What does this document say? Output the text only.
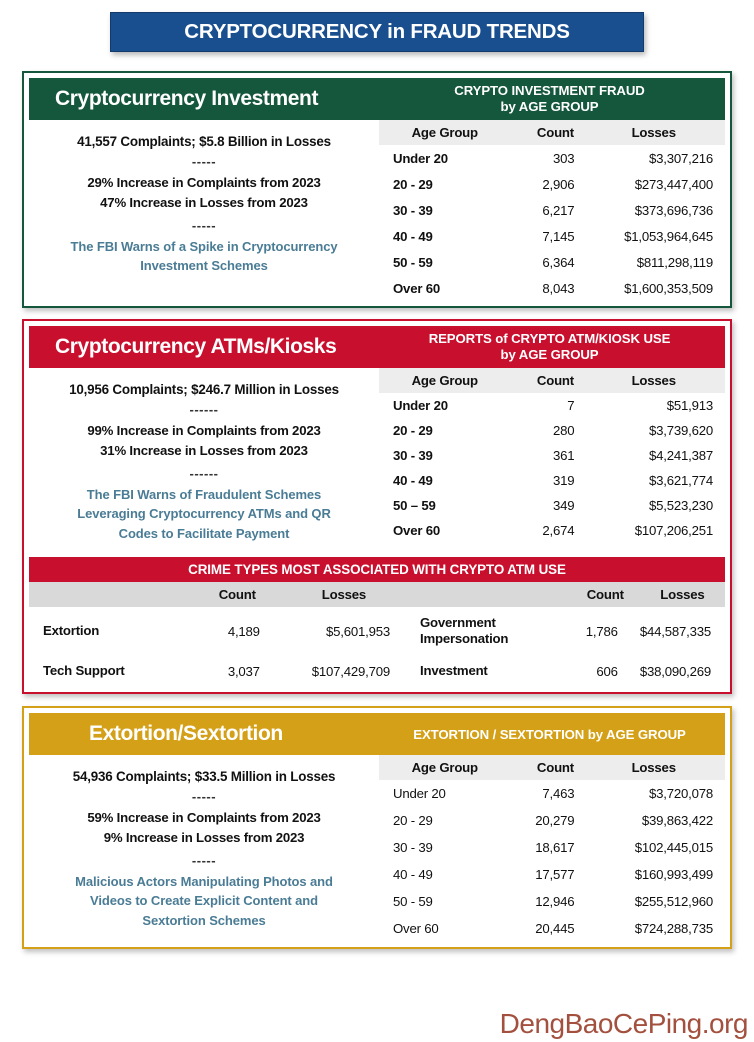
CRYPTOCURRENCY in FRAUD TRENDS
Cryptocurrency Investment	CRYPTO INVESTMENT FRAUD
by AGE GROUP
41,557 Complaints; $5.8 Billion in Losses
-----
29% Increase in Complaints from 2023
47% Increase in Losses from 2023
-----
The FBI Warns of a Spike in Cryptocurrency Investment Schemes
Age Group	Count	Losses
Under 20	303	$3,307,216
20 - 29	2,906	$273,447,400
30 - 39	6,217	$373,696,736
40 - 49	7,145	$1,053,964,645
50 - 59	6,364	$811,298,119
Over 60	8,043	$1,600,353,509
Cryptocurrency ATMs/Kiosks	REPORTS of CRYPTO ATM/KIOSK USE
by AGE GROUP
10,956 Complaints; $246.7 Million in Losses
------
99% Increase in Complaints from 2023
31% Increase in Losses from 2023
------
The FBI Warns of Fraudulent Schemes Leveraging Cryptocurrency ATMs and QR Codes to Facilitate Payment
Age Group	Count	Losses
Under 20	7	$51,913
20 - 29	280	$3,739,620
30 - 39	361	$4,241,387
40 - 49	319	$3,621,774
50 – 59	349	$5,523,230
Over 60	2,674	$107,206,251
CRIME TYPES MOST ASSOCIATED WITH CRYPTO ATM USE
	Count	Losses		Count	Losses
Extortion	4,189	$5,601,953	Government Impersonation	1,786	$44,587,335
Tech Support	3,037	$107,429,709	Investment	606	$38,090,269
Extortion/Sextortion	EXTORTION / SEXTORTION by AGE GROUP
54,936 Complaints; $33.5 Million in Losses
-----
59% Increase in Complaints from 2023
9% Increase in Losses from 2023
-----
Malicious Actors Manipulating Photos and Videos to Create Explicit Content and Sextortion Schemes
Age Group	Count	Losses
Under 20	7,463	$3,720,078
20 - 29	20,279	$39,863,422
30 - 39	18,617	$102,445,015
40 - 49	17,577	$160,993,499
50 - 59	12,946	$255,512,960
Over 60	20,445	$724,288,735
DengBaoCePing.org
